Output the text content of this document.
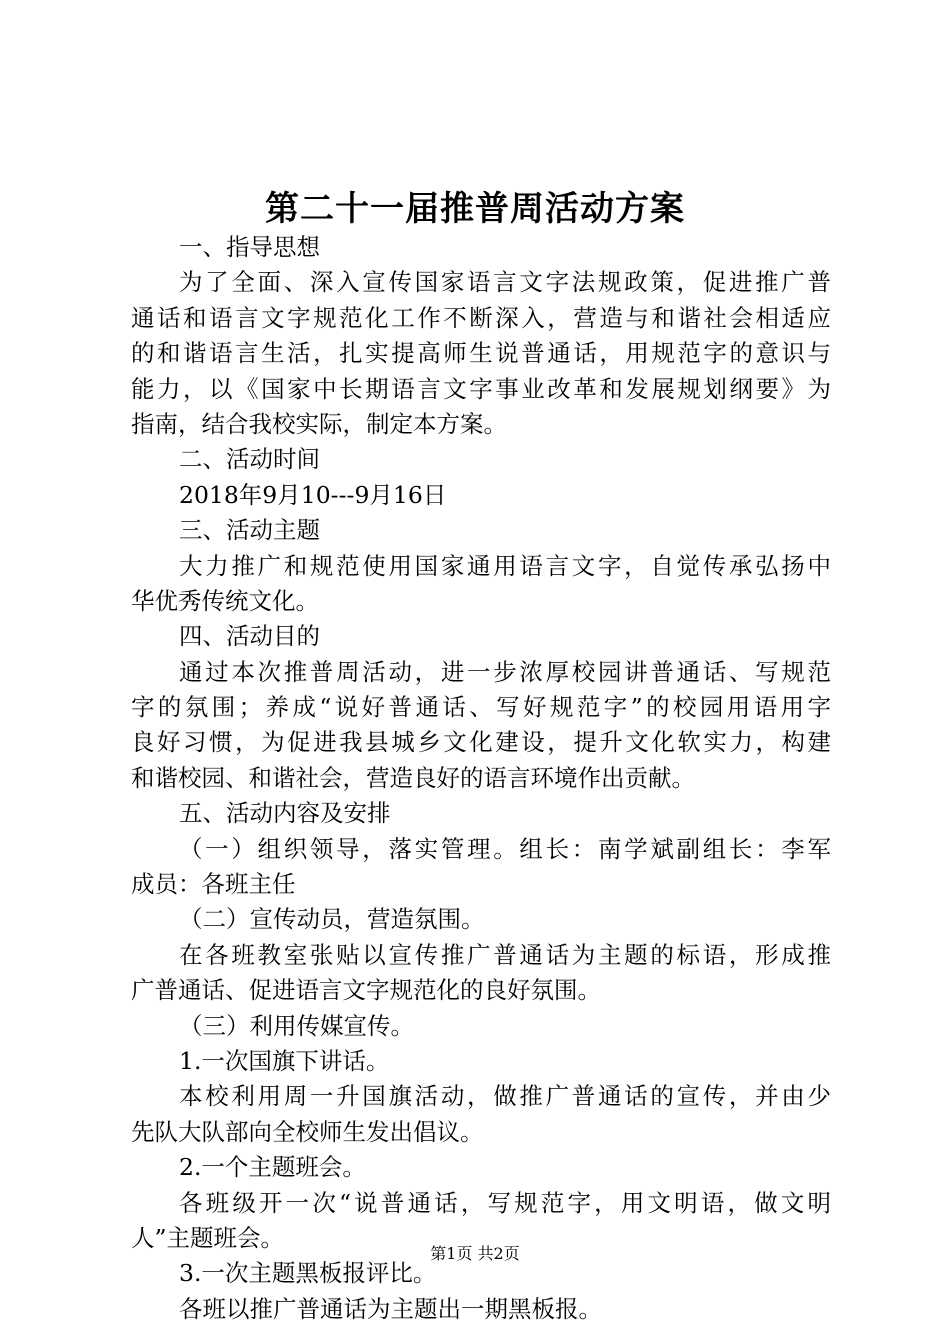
第二十一届推普周活动方案
一、指导思想
为了全面、深入宣传国家语言文字法规政策，促进推广普
通话和语言文字规范化工作不断深入，营造与和谐社会相适应
的和谐语言生活，扎实提高师生说普通话，用规范字的意识与
能力，以《国家中长期语言文字事业改革和发展规划纲要》为
指南，结合我校实际，制定本方案。
二、活动时间
2018年9月10---9月16日
三、活动主题
大力推广和规范使用国家通用语言文字，自觉传承弘扬中
华优秀传统文化。
四、活动目的
通过本次推普周活动，进一步浓厚校园讲普通话、写规范
字的氛围；养成“说好普通话、写好规范字”的校园用语用字
良好习惯，为促进我县城乡文化建设，提升文化软实力，构建
和谐校园、和谐社会，营造良好的语言环境作出贡献。
五、活动内容及安排
（一）组织领导，落实管理。组长：南学斌副组长：李军
成员：各班主任
（二）宣传动员，营造氛围。
在各班教室张贴以宣传推广普通话为主题的标语，形成推
广普通话、促进语言文字规范化的良好氛围。
（三）利用传媒宣传。
1.一次国旗下讲话。
本校利用周一升国旗活动，做推广普通话的宣传，并由少
先队大队部向全校师生发出倡议。
2.一个主题班会。
各班级开一次“说普通话，写规范字，用文明语，做文明
人”主题班会。
3.一次主题黑板报评比。
各班以推广普通话为主题出一期黑板报。
第1页 共2页
